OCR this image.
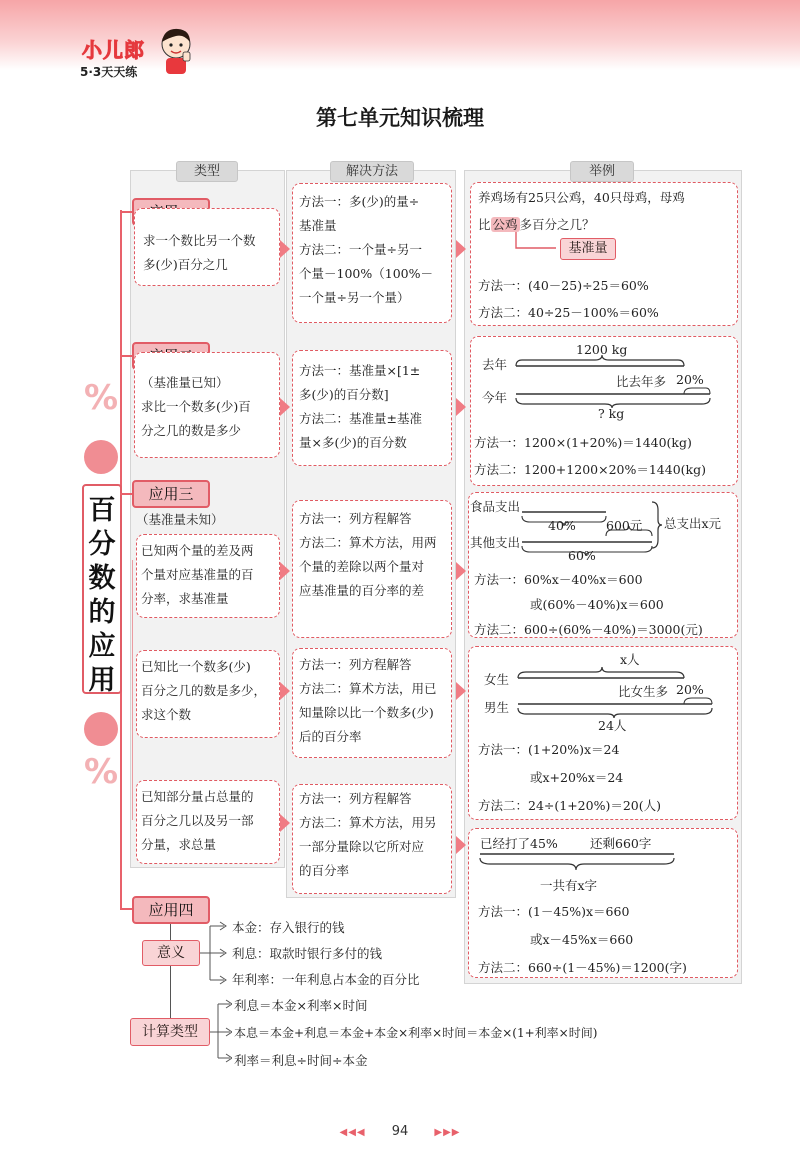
小儿郎
5·3天天练
第七单元知识梳理
类型	解决方法	举例
%
百分数的应用
%
求一个数比另一个数
多(少)百分之几
方法一：多(少)的量÷
基准量
方法二：一个量÷另一
个量－100%（100%－
一个量÷另一个量）
养鸡场有25只公鸡，40只母鸡，母鸡
比 公鸡 多百分之几？
基准量
方法一：(40－25)÷25＝60%
方法二：40÷25－100%＝60%
（基准量已知）
求比一个数多(少)百
分之几的数是多少
方法一：基准量×[1±
多(少)的百分数]
方法二：基准量±基准
量×多(少)的百分数
去年
今年
1200 kg
比去年多 20%
? kg
方法一：1200×(1+20%)＝1440(kg)
方法二：1200+1200×20%＝1440(kg)
应用三
（基准量未知）
已知两个量的差及两
个量对应基准量的百
分率，求基准量
方法一：列方程解答
方法二：算术方法，用两
个量的差除以两个量对
应基准量的百分率的差
食品支出
其他支出
40% 600元 总支出x元
60%
方法一：60%x－40%x＝600
或(60%－40%)x＝600
方法二：600÷(60%－40%)＝3000(元)
已知比一个数多(少)
百分之几的数是多少，
求这个数
方法一：列方程解答
方法二：算术方法，用已
知量除以比一个数多(少)
后的百分率
x人
女生
男生
比女生多 20%
24人
方法一：(1+20%)x＝24
或x+20%x＝24
方法二：24÷(1+20%)＝20(人)
已知部分量占总量的
百分之几以及另一部
分量，求总量
方法一：列方程解答
方法二：算术方法，用另
一部分量除以它所对应
的百分率
已经打了45%	还剩660字
一共有x字
方法一：(1－45%)x＝660
或x－45%x＝660
方法二：660÷(1－45%)＝1200(字)
应用四
意义
本金：存入银行的钱
利息：取款时银行多付的钱
年利率：一年利息占本金的百分比
计算类型
利息＝本金×利率×时间
本息＝本金+利息＝本金+本金×利率×时间＝本金×(1+利率×时间)
利率＝利息÷时间÷本金
◀◀◀ 94	▶▶▶
